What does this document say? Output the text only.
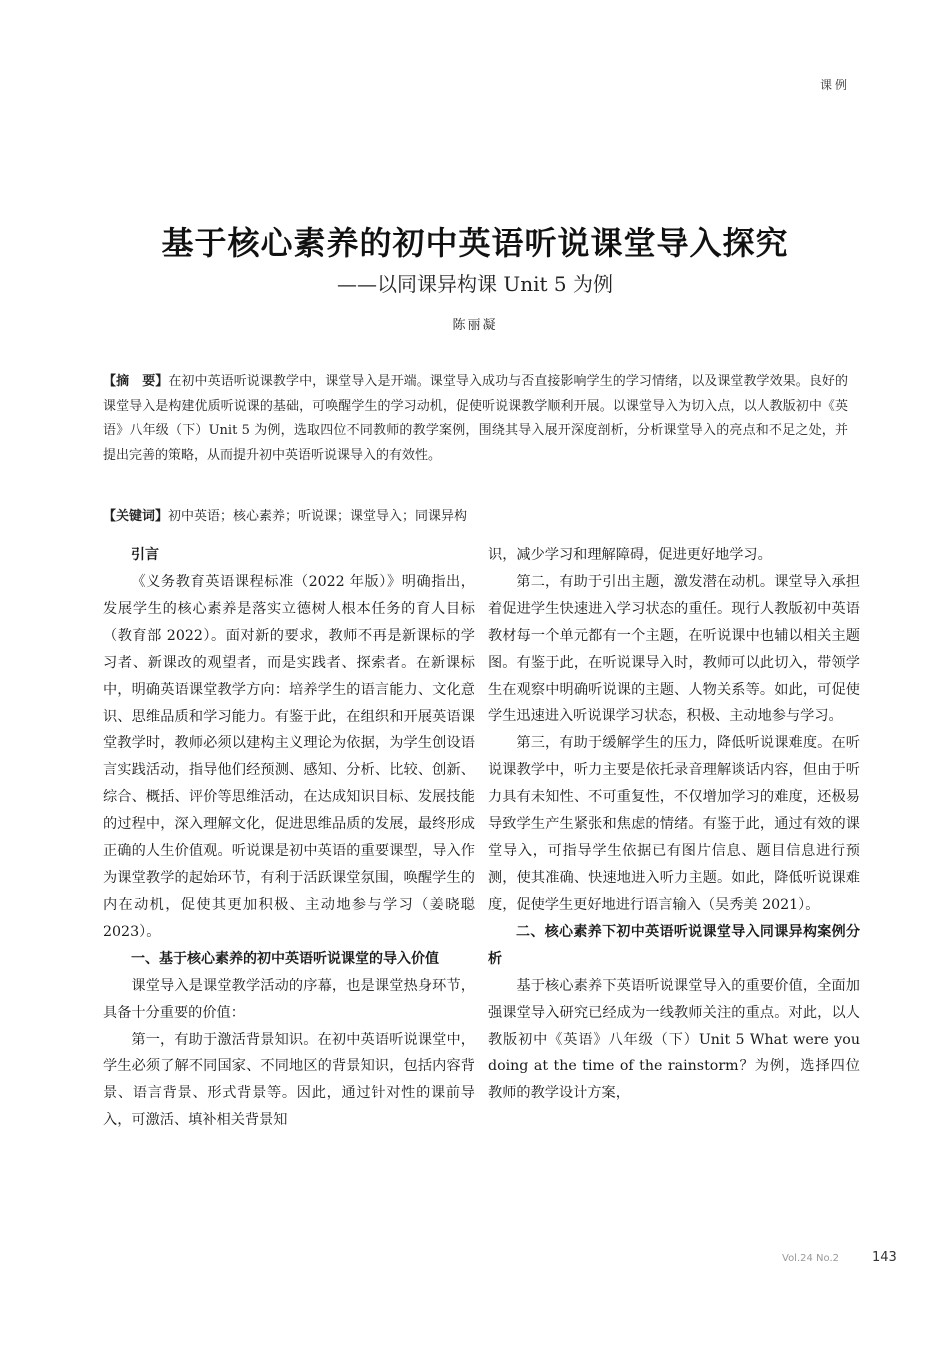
课例
基于核心素养的初中英语听说课堂导入探究
——以同课异构课 Unit 5 为例
陈丽凝
【摘　要】在初中英语听说课教学中，课堂导入是开端。课堂导入成功与否直接影响学生的学习情绪，以及课堂教学效果。良好的课堂导入是构建优质听说课的基础，可唤醒学生的学习动机，促使听说课教学顺利开展。以课堂导入为切入点，以人教版初中《英语》八年级（下）Unit 5 为例，选取四位不同教师的教学案例，围绕其导入展开深度剖析，分析课堂导入的亮点和不足之处，并提出完善的策略，从而提升初中英语听说课导入的有效性。
【关键词】初中英语；核心素养；听说课；课堂导入；同课异构
引言

《义务教育英语课程标准（2022 年版）》明确指出，发展学生的核心素养是落实立德树人根本任务的育人目标（教育部 2022）。面对新的要求，教师不再是新课标的学习者、新课改的观望者，而是实践者、探索者。在新课标中，明确英语课堂教学方向：培养学生的语言能力、文化意识、思维品质和学习能力。有鉴于此，在组织和开展英语课堂教学时，教师必须以建构主义理论为依据，为学生创设语言实践活动，指导他们经预测、感知、分析、比较、创新、综合、概括、评价等思维活动，在达成知识目标、发展技能的过程中，深入理解文化，促进思维品质的发展，最终形成正确的人生价值观。听说课是初中英语的重要课型，导入作为课堂教学的起始环节，有利于活跃课堂氛围，唤醒学生的内在动机，促使其更加积极、主动地参与学习（姜晓聪 2023）。

一、基于核心素养的初中英语听说课堂的导入价值

课堂导入是课堂教学活动的序幕，也是课堂热身环节，具备十分重要的价值：

第一，有助于激活背景知识。在初中英语听说课堂中，学生必须了解不同国家、不同地区的背景知识，包括内容背景、语言背景、形式背景等。因此，通过针对性的课前导入，可激活、填补相关背景知

识，减少学习和理解障碍，促进更好地学习。

第二，有助于引出主题，激发潜在动机。课堂导入承担着促进学生快速进入学习状态的重任。现行人教版初中英语教材每一个单元都有一个主题，在听说课中也辅以相关主题图。有鉴于此，在听说课导入时，教师可以此切入，带领学生在观察中明确听说课的主题、人物关系等。如此，可促使学生迅速进入听说课学习状态，积极、主动地参与学习。

第三，有助于缓解学生的压力，降低听说课难度。在听说课教学中，听力主要是依托录音理解谈话内容，但由于听力具有未知性、不可重复性，不仅增加学习的难度，还极易导致学生产生紧张和焦虑的情绪。有鉴于此，通过有效的课堂导入，可指导学生依据已有图片信息、题目信息进行预测，使其准确、快速地进入听力主题。如此，降低听说课难度，促使学生更好地进行语言输入（吴秀美 2021）。

二、核心素养下初中英语听说课堂导入同课异构案例分析

基于核心素养下英语听说课堂导入的重要价值，全面加强课堂导入研究已经成为一线教师关注的重点。对此，以人教版初中《英语》八年级（下）Unit 5 What were you doing at the time of the rainstorm？为例，选择四位教师的教学设计方案，

Vol.24 No.2	143
